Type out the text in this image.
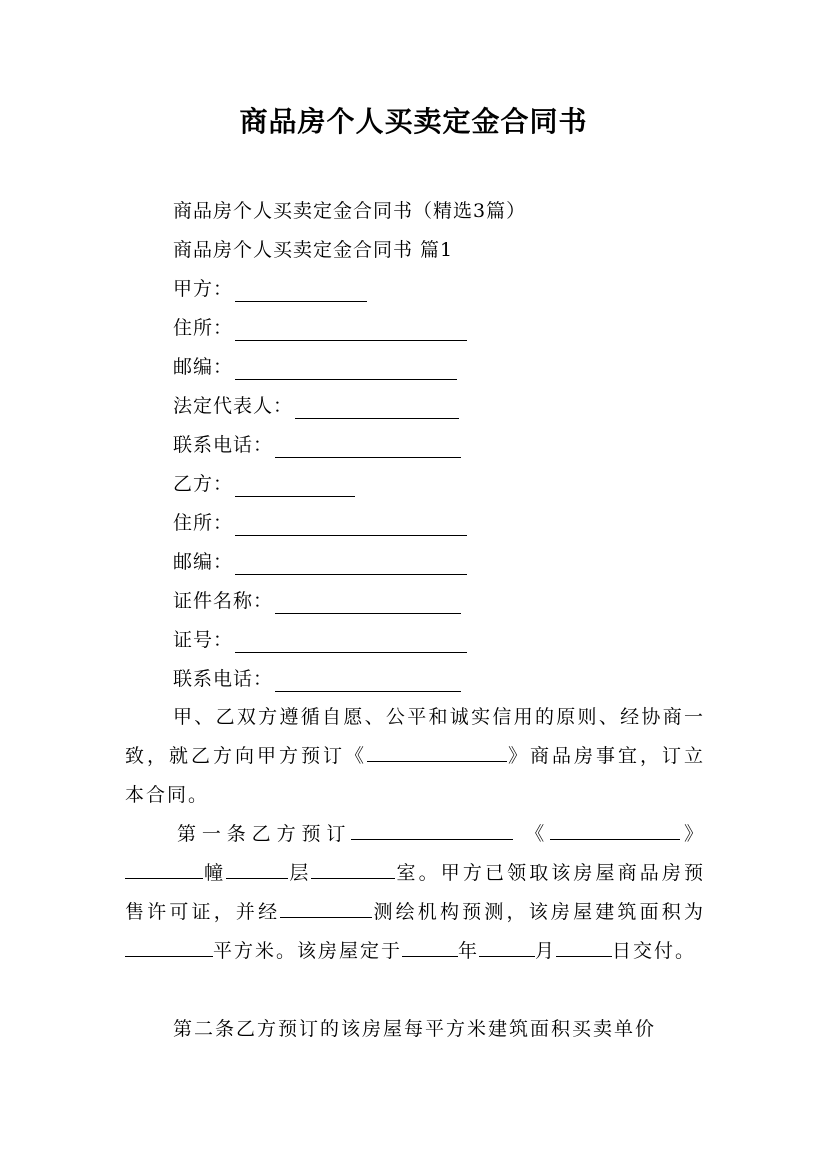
商品房个人买卖定金合同书
商品房个人买卖定金合同书（精选3篇）
商品房个人买卖定金合同书 篇1
甲方：
住所：
邮编：
法定代表人：
联系电话：
乙方：
住所：
邮编：
证件名称：
证号：
联系电话：

甲、乙双方遵循自愿、公平和诚实信用的原则、经协商一致，就乙方向甲方预订《	》商品房事宜，订立本合同。

第一条乙方预订	《	》幢	层	室。甲方已领取该房屋商品房预售许可证，并经	测绘机构预测，该房屋建筑面积为平方米。该房屋定于	年	月	日交付。

第二条乙方预订的该房屋每平方米建筑面积买卖单价
